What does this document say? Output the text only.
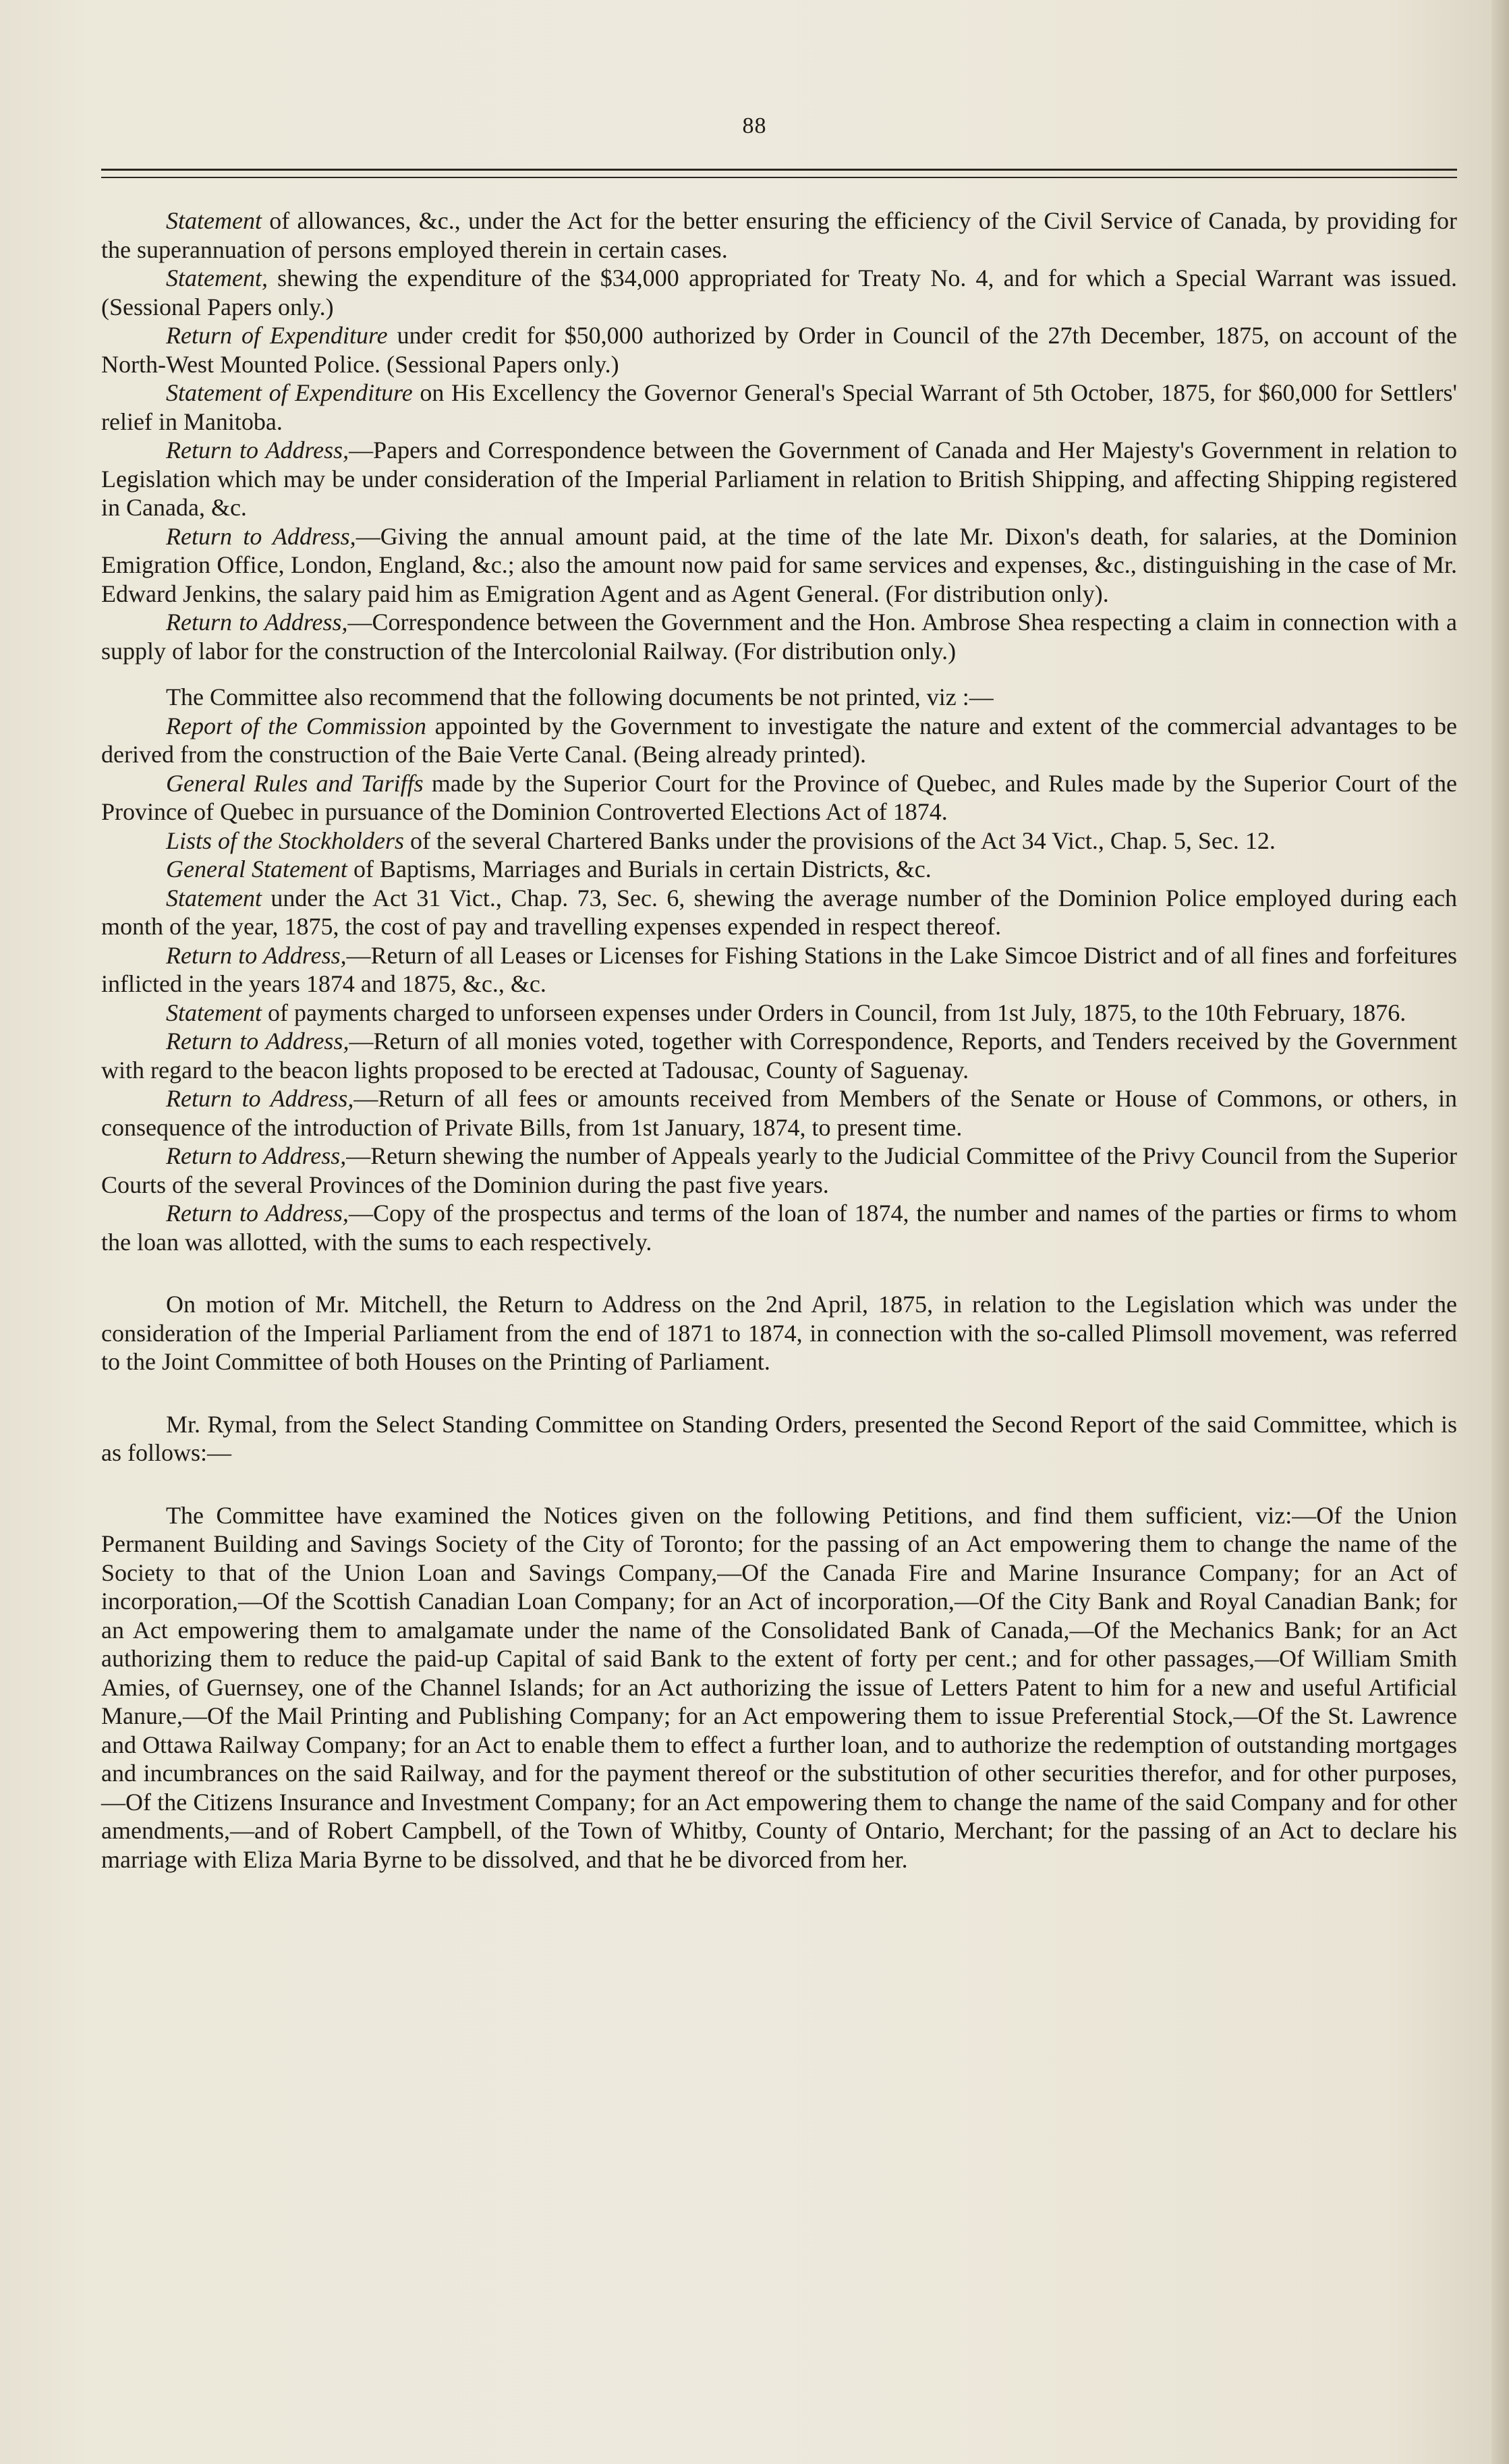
88

Statement of allowances, &c., under the Act for the better ensuring the efficiency of the Civil Service of Canada, by providing for the superannuation of persons employed therein in certain cases.

Statement, shewing the expenditure of the $34,000 appropriated for Treaty No. 4, and for which a Special Warrant was issued. (Sessional Papers only.)

Return of Expenditure under credit for $50,000 authorized by Order in Council of the 27th December, 1875, on account of the North-West Mounted Police. (Sessional Papers only.)

Statement of Expenditure on His Excellency the Governor General's Special Warrant of 5th October, 1875, for $60,000 for Settlers' relief in Manitoba.

Return to Address,—Papers and Correspondence between the Government of Canada and Her Majesty's Government in relation to Legislation which may be under consideration of the Imperial Parliament in relation to British Shipping, and affecting Shipping registered in Canada, &c.

Return to Address,—Giving the annual amount paid, at the time of the late Mr. Dixon's death, for salaries, at the Dominion Emigration Office, London, England, &c.; also the amount now paid for same services and expenses, &c., distinguishing in the case of Mr. Edward Jenkins, the salary paid him as Emigration Agent and as Agent General. (For distribution only).

Return to Address,—Correspondence between the Government and the Hon. Ambrose Shea respecting a claim in connection with a supply of labor for the construction of the Intercolonial Railway. (For distribution only.)

The Committee also recommend that the following documents be not printed, viz :—

Report of the Commission appointed by the Government to investigate the nature and extent of the commercial advantages to be derived from the construction of the Baie Verte Canal. (Being already printed).

General Rules and Tariffs made by the Superior Court for the Province of Quebec, and Rules made by the Superior Court of the Province of Quebec in pursuance of the Dominion Controverted Elections Act of 1874.

Lists of the Stockholders of the several Chartered Banks under the provisions of the Act 34 Vict., Chap. 5, Sec. 12.

General Statement of Baptisms, Marriages and Burials in certain Districts, &c.

Statement under the Act 31 Vict., Chap. 73, Sec. 6, shewing the average number of the Dominion Police employed during each month of the year, 1875, the cost of pay and travelling expenses expended in respect thereof.

Return to Address,—Return of all Leases or Licenses for Fishing Stations in the Lake Simcoe District and of all fines and forfeitures inflicted in the years 1874 and 1875, &c., &c.

Statement of payments charged to unforseen expenses under Orders in Council, from 1st July, 1875, to the 10th February, 1876.

Return to Address,—Return of all monies voted, together with Correspondence, Reports, and Tenders received by the Government with regard to the beacon lights proposed to be erected at Tadousac, County of Saguenay.

Return to Address,—Return of all fees or amounts received from Members of the Senate or House of Commons, or others, in consequence of the introduction of Private Bills, from 1st January, 1874, to present time.

Return to Address,—Return shewing the number of Appeals yearly to the Judicial Committee of the Privy Council from the Superior Courts of the several Provinces of the Dominion during the past five years.

Return to Address,—Copy of the prospectus and terms of the loan of 1874, the number and names of the parties or firms to whom the loan was allotted, with the sums to each respectively.

On motion of Mr. Mitchell, the Return to Address on the 2nd April, 1875, in relation to the Legislation which was under the consideration of the Imperial Parliament from the end of 1871 to 1874, in connection with the so-called Plimsoll movement, was referred to the Joint Committee of both Houses on the Printing of Parliament.

Mr. Rymal, from the Select Standing Committee on Standing Orders, presented the Second Report of the said Committee, which is as follows:—

The Committee have examined the Notices given on the following Petitions, and find them sufficient, viz:—Of the Union Permanent Building and Savings Society of the City of Toronto; for the passing of an Act empowering them to change the name of the Society to that of the Union Loan and Savings Company,—Of the Canada Fire and Marine Insurance Company; for an Act of incorporation,—Of the Scottish Canadian Loan Company; for an Act of incorporation,—Of the City Bank and Royal Canadian Bank; for an Act empowering them to amalgamate under the name of the Consolidated Bank of Canada,—Of the Mechanics Bank; for an Act authorizing them to reduce the paid-up Capital of said Bank to the extent of forty per cent.; and for other passages,—Of William Smith Amies, of Guernsey, one of the Channel Islands; for an Act authorizing the issue of Letters Patent to him for a new and useful Artificial Manure,—Of the Mail Printing and Publishing Company; for an Act empowering them to issue Preferential Stock,—Of the St. Lawrence and Ottawa Railway Company; for an Act to enable them to effect a further loan, and to authorize the redemption of outstanding mortgages and incumbrances on the said Railway, and for the payment thereof or the substitution of other securities therefor, and for other purposes,—Of the Citizens Insurance and Investment Company; for an Act empowering them to change the name of the said Company and for other amendments,—and of Robert Campbell, of the Town of Whitby, County of Ontario, Merchant; for the passing of an Act to declare his marriage with Eliza Maria Byrne to be dissolved, and that he be divorced from her.
